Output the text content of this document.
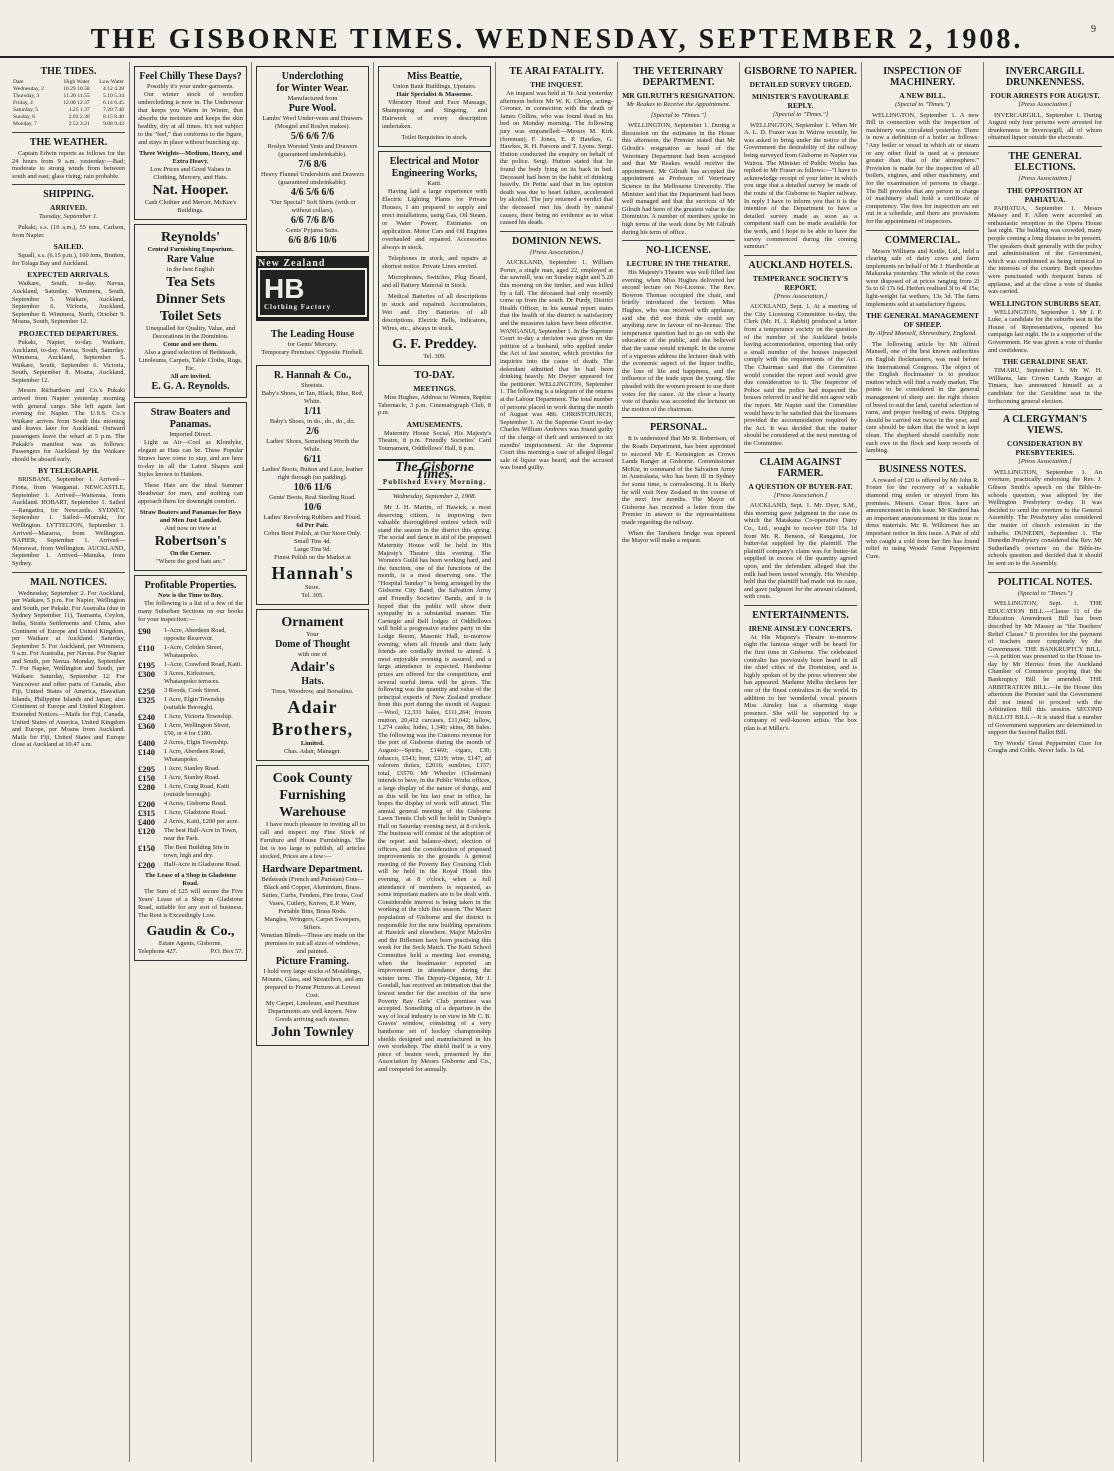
THE GISBORNE TIMES. WEDNESDAY, SEPTEMBER 2, 1908.	9
THE TIDES.
Date	High Water	Low Water
Wednesday, 2	10.29 10.58	4.12 4.38
Thursday, 3	11.26 11.55	5.10 5.34
Friday, 4	12.00 12.37	6.14 6.45
Saturday, 5	1.25 1.37	7.20 7.48
Sunday, 6	2.03 2.30	8.15 8.40
Monday, 7	2.53 3.21	9.08 9.43
THE WEATHER.

Captain Edwin reports as follows for the 24 hours from 9 a.m. yesterday:—Bad; moderate to strong winds from between south and east; glass rising; rain probable.

SHIPPING.
ARRIVED.
Tuesday, September 1.

Pukaki, s.s. (10 a.m.), 55 tons, Carlson, from Napier.

SAILED.

Squall, s.s. (6.15 p.m.), 160 tons, Bratton, for Tolaga Bay and Auckland.

EXPECTED ARRIVALS.

Waikare, South, to-day. Navua, Auckland, Saturday. Wimmera, South, September 5. Waikare, Auckland, September 6. Victoria, Auckland, September 8. Wimmera, North, October 9. Moana, South, September 12.

PROJECTED DEPARTURES.

Pukaki, Napier, to-day. Waikare, Auckland, to-day. Navua, South, Saturday. Wimmera, Auckland, September 5. Waikare, South, September 6. Victoria, South, September 8. Moana, Auckland, September 12.

Messrs Richardson and Co.'s Pukaki arrived from Napier yesterday morning with general cargo. She left again last evening for Napier. The U.S.S. Co.'s Waikare arrives from South this morning and leaves later for Auckland. Outward passengers leave the wharf at 5 p.m. The Pukaki's manifest was as follows: Passengers for Auckland by the Waikare should be aboard early.

BY TELEGRAPH.

BRISBANE, September 1. Arrived—Fiona, from Wanganui. NEWCASTLE, September 1. Arrived—Waiterata, from Auckland. HOBART, September 1. Sailed—Rangatira, for Newcastle. SYDNEY, September 1. Sailed—Moeraki, for Wellington. LYTTELTON, September 1. Arrived—Mararoa, from Wellington. NAPIER, September 1. Arrived—Monowai, from Wellington. AUCKLAND, September 1. Arrived—Manuka, from Sydney.

MAIL NOTICES.

Wednesday, September 2. For Auckland, per Waikare, 5 p.m. For Napier, Wellington and South, per Pukaki. For Australia (due in Sydney September 11), Tasmania, Ceylon, India, Straits Settlements and China, also Continent of Europe and United Kingdom, per Waikare at Auckland. Saturday, September 5. For Auckland, per Wimmera, 9 a.m. For Australia, per Navua. For Napier and South, per Navua. Monday, September 7. For Napier, Wellington and South, per Waikare. Saturday, September 12. For Vancouver and other parts of Canada, also Fiji, United States of America, Hawaiian Islands, Philippine Islands and Japan; also Continent of Europe and United Kingdom. Extended Notices.—Mails for Fiji, Canada, United States of America, United Kingdom and Europe, per Moana from Auckland. Mails for Fiji, United States and Europe close at Auckland at 10.47 a.m.

Feel Chilly These Days?
Possibly it's your under-garments.

Our winter stock of woollen underclothing is now in. The Underwear that keeps you Warm in Winter, that absorbs the moisture and keeps the skin healthy, dry at all times. It's not subject to the "feel," that conforms to the figure, and stays in place without bunching up.

Three Weights—Medium, Heavy, and Extra Heavy.
Low Prices and Good Values in Clothing, Mercery, and Hats.
Nat. Hooper.
Cash Clothier and Mercer, McKee's Buildings.
Reynolds'
Central Furnishing Emporium.
Rare Value
in the best English
Tea Sets
Dinner Sets
Toilet Sets
Unequalled for Quality, Value, and Decorations in the Dominion.
Come and see them.
Also a grand selection of Bedsteads, Linoleums, Carpets, Table Cloths, Rugs, Etc.
All are invited.
E. G. A. Reynolds.
Straw Boaters and Panamas.
Imported Direct.

Light as Air—Cool as Klondyke, elegant as Hats can be. These Popular Straws have come to stay, and are here to-day in all the Latest Shapes and Styles known to Hatdom.

These Hats are the ideal Summer Headwear for men, and nothing can approach them for downright comfort.

Straw Boaters and Panamas for Boys and Men Just Landed.
And now on view at
Robertson's
On the Corner.
"Where the good hats are."
Profitable Properties.
Now is the Time to Buy.

The following is a list of a few of the many Suburban Sections on our books for your inspection:—

£90	1-Acre, Aberdeen Road, opposite Reservoir.
£110	1-Acre, Cobden Street, Whataupoko.
£195	1-Acre, Crawford Road, Kaiti.
£300	3 Acres, Kirkstown, Whataupoko terraces.
£250	3 Roods, Cook Street.
£325	1 Acre, Elgin Township (suitable Borough).
£240	1 Acre, Victoria Township.
£360	1 Acre, Wellington Street, £50, or 4 for £180.
£400	2 Acres, Elgin Township.
£140	1 Acre, Aberdeen Road, Whataupoko.
£295	1 Acre, Stanley Road.
£150	1 Acre, Stanley Road.
£280	1 Acre, Craig Road, Kaiti (outside borough).
£200	4 Acres, Gisborne Road.
£315	1 Acre, Gladstone Road.
£400	2 Acres, Kaiti, £200 per acre.
£120	The best Half-Acre in Town, near the Park.
£150	The Best Building Site in town, high and dry.
£200	Half-Acre in Gladstone Road.
The Lease of a Shop in Gladstone Road.

The Sum of £25 will secure the Five Years' Lease of a Shop in Gladstone Road, suitable for any sort of business. The Rent is Exceedingly Low.

Gaudin & Co.,
Estate Agents, Gisborne.
Telephone 427.	P.O. Box 57.
Underclothing
for Winter Wear.
Manufactured from
Pure Wool.
Lambs' Wool Under-vests and Drawers (Mosgiel and Roslyn makes).
5/6 6/6 7/6
Roslyn Worsted Vests and Drawers (guaranteed unshrinkable).
7/6 8/6
Heavy Flannel Undershirts and Drawers (guaranteed unshrinkable).
4/6 5/6 6/6
"Our Special" Soft Shirts (with or without collars).
6/6 7/6 8/6
Gents' Pyjama Suits.
6/6 8/6 10/6
New Zealand
HB
Clothing Factory
The Leading House
for Gents' Mercery.
Temporary Premises: Opposite Firebell.
R. Hannah & Co.,
Shoeists.
Baby's Shoes, in Tan, Black, Blue, Red, White.
1/11
Baby's Shoes, in do., do., do., do.
2/6
Ladies' Shoes, Something Worth the While.
6/11
Ladies' Boots, Button and Lace, leather right through (no padding).
10/6 11/6
Gents' Boots, Real Steeling Road.
10/6
Ladies' Revolving Rubbers and Fixed.
6d Per Pair.
Cobra Boot Polish, at Our Store Only.
Small Tins 4d.
Large Tins 9d.
Finest Polish on the Market at
Hannah's
Store.
Tel. 305.
Ornament
Your
Dome of Thought
with one of
Adair's
Hats.
Tress, Woodrow, and Borsalino.
Adair Brothers,
Limited.
Chas. Adair, Manager.
Cook County
Furnishing Warehouse

I have much pleasure in inviting all to call and inspect my Fine Stock of Furniture and House Furnishings. The list is too large to publish, all articles stocked, Prices are a few:—

Hardware Department.
Bedsteads (French and Parisian) Cots—Black and Copper, Aluminium, Brass.
Suites, Curbs, Fenders, Fire Irons, Coal Vases, Cutlery, Knives, E.P. Ware, Portable Bins, Brass Rods.
Mangles, Wringers, Carpet Sweepers, Sifters.
Venetian Blinds—These are made on the premises to suit all sizes of windows, and painted.
Picture Framing.
I hold very large stocks of Mouldings, Mounts, Glass, and Streatchers, and am prepared to Frame Pictures at Lowest Cost.
My Carpet, Linoleum, and Furniture Departments are well known. New Goods arriving each steamer.
John Townley
Miss Beattie,
Union Bank Buildings, Upstairs.
Hair Specialist & Masseuse.

Vibratory Hood and Face Massage, Shampooing and Singeing, and Hairwork of every description undertaken.

Toilet Requisites in stock.
Electrical and Motor Engineering Works,
Kaiti.

Having laid a large experience with Electric Lighting Plants for Private Houses, I am prepared to supply and erect installations, using Gas, Oil Steam, or Water Power. Estimates on application. Motor Cars and Oil Engines overhauled and repaired. Accessories always in stock.

Telephones in stock, and repairs at shortest notice. Private Lines erected.

Microphones, Switches, Plug Board, and all Battery Material in Stock.

Medical Batteries of all descriptions in stock and repaired. Accumulators, Wet and Dry Batteries of all descriptions. Electric Bells, Indicators, Wires, etc., always in stock.

G. F. Preddey.
Tel. 309.
TO-DAY.
MEETINGS.

Miss Hughes, Address to Women, Baptist Tabernacle, 3 p.m. Cinematograph Club, 8 p.m.

AMUSEMENTS.

Maternity House Social, His Majesty's Theatre, 8 p.m. Friendly Societies' Card Tournament, Oddfellows' Hall, 8 p.m.

The Gisborne Times.
Published Every Morning.
Wednesday, September 2, 1908.

Mr J. H. Martin, of Hawick, a most deserving citizen, is improving two valuable thoroughbred entires which will stand the season in the district this spring. The social and dance in aid of the proposed Maternity House will be held in His Majesty's Theatre this evening. The Women's Guild has been working hard, and the function, one of the functions of the month, is a most deserving one. The "Hospital Sunday" is being arranged by the Gisborne City Band, the Salvation Army and Friendly Societies' Bands, and it is hoped that the public will show their sympathy in a substantial manner. The Carnegie and Bell lodges of Oddfellows will hold a progressive euchre party in the Lodge Room, Masonic Hall, to-morrow evening, when all friends and their lady friends are cordially invited to attend. A most enjoyable evening is assured, and a large attendance is expected. Handsome prizes are offered for the competition, and several useful items will be given. The following was the quantity and value of the principal exports of New Zealand produce from this port during the month of August:—Wool, 12,331 bales, £111,264; frozen mutton, 20,412 carcases, £11,042; tallow, 1,274 casks; hides, 1,340; skins, 88 bales. The following was the Customs revenue for the port of Gisborne during the month of August:—Spirits, £1460; cigars, £30; tobacco, £541; beer, £219; wine, £147; ad valorem duties, £2016; sundries, £157; total, £5570. Mr Wheeler (Chairman) intends to have, in the Public Works offices, a large display of the nature of things, and as this will be his last year in office, he hopes the display of work will attract. The annual general meeting of the Gisborne Lawn Tennis Club will be held in Dunlop's Hall on Saturday evening next, at 8 o'clock. The business will consist of the adoption of the report and balance-sheet, election of officers, and the consideration of proposed improvements to the grounds. A general meeting of the Poverty Bay Coursing Club will be held in the Royal Hotel this evening, at 8 o'clock, when a full attendance of members is requested, as some important matters are to be dealt with. Considerable interest is being taken in the working of the club this season. The Maori population of Gisborne and the district is responsible for the new building operations at Hawick and elsewhere. Major Malcolm and the Riflemen have been practising this week for the Sock Match. The Kaiti School Committee held a meeting last evening, when the headmaster reported an improvement in attendance during the winter term. The Deputy-Orgnnist, Mr J. Goodall, has received an intimation that the lowest tender for the erection of the new Poverty Bay Girls' Club premises was accepted. Something of a departure in the way of local industry is on view in Mr C. B. Graves' window, consisting of a very handsome set of hockey championship shields designed and manufactured in his own workshop. The shield itself is a very piece of beaten work, presented by the Association by Messrs Gisborne and Co., and competed for annually.

TE ARAI FATALITY.
THE INQUEST.

An inquest was held at Te Arai yesterday afternoon before Mr W. K. Chrisp, acting-Coroner, in connection with the death of James Collins, who was found dead in his bed on Monday morning. The following jury was empanelled:—Messrs M. Kirk (foreman), F. Jones, E. P. Hawkes, G. Hawkes, R. H. Parsons and T. Lyons. Sergt. Hutton conducted the enquiry on behalf of the police. Sergt. Hutton stated that he found the body lying on its back in bed. Deceased had been in the habit of drinking heavily. Dr Pettie said that in his opinion death was due to heart failure, accelerated by alcohol. The jury returned a verdict that the deceased met his death by natural causes, there being no evidence as to what caused his death.

DOMINION NEWS.
[Press Association.]

AUCKLAND, September 1. William Porter, a single man, aged 22, employed at the sawmill, was on Sunday night and 5.20 this morning on the timber, and was killed by a fall. The deceased had only recently come up from the south. Dr Purdy, District Health Officer, in his annual report states that the health of the district is satisfactory and the measures taken have been effective. WANGANUI, September 1. In the Supreme Court to-day a decision was given on the petition of a husband, who applied under the Act of last session, which provides for inquiries into the cause of death. The defendant admitted that he had been drinking heavily. Mr Dwyer appeared for the petitioner. WELLINGTON, September 1. The following is a telegram of the returns at the Labour Department. The total number of persons placed in work during the month of August was 486. CHRISTCHURCH, September 1. At the Supreme Court to-day Charles William Andrews was found guilty of the charge of theft and sentenced to six months' imprisonment. At the Supreme Court this morning a case of alleged illegal sale of liquor was heard, and the accused was found guilty.

THE VETERINARY DEPARTMENT.
MR GILRUTH'S RESIGNATION.
Mr Reakes to Receive the Appointment.
[Special to "Times."]

WELLINGTON, September 1. During a discussion on the estimates in the House this afternoon, the Premier stated that Mr Gilruth's resignation as head of the Veterinary Department had been accepted and that Mr Reakes would receive the appointment. Mr Gilruth has accepted the appointment as Professor of Veterinary Science in the Melbourne University. The Minister said that the Department had been well managed and that the services of Mr Gilruth had been of the greatest value to the Dominion. A number of members spoke in high terms of the work done by Mr Gilruth during his term of office.

NO-LICENSE.
LECTURE IN THE THEATRE.

His Majesty's Theatre was well filled last evening, when Miss Hughes delivered her second lecture on No-License. The Rev. Bowron Thomas occupied the chair, and briefly introduced the lecturer. Miss Hughes, who was received with applause, said she did not think she could say anything new in favour of no-license. The temperance question had to go on with the education of the public, and she believed that the cause would triumph. In the course of a vigorous address the lecturer dealt with the economic aspect of the liquor traffic, the loss of life and happiness, and the influence of the trade upon the young. She pleaded with the women present to use their votes for the cause. At the close a hearty vote of thanks was accorded the lecturer on the motion of the chairman.

PERSONAL.

It is understood that Mr R. Robertson, of the Roads Department, has been appointed to succeed Mr E. Kensington as Crown Lands Ranger at Gisborne. Commissioner McKie, in command of the Salvation Army in Australasia, who has been ill in Sydney for some time, is convalescing. It is likely he will visit New Zealand in the course of the next few months. The Mayor of Gisborne has received a letter from the Premier in answer to the representations made regarding the railway.

When the Taruheru bridge was opened the Mayor will make a request.

GISBORNE TO NAPIER.
DETAILED SURVEY URGED.
MINISTER'S FAVOURABLE REPLY.
[Special to "Times."]

WELLINGTON, September 1. When Mr A. L. D. Fraser was in Wairoa recently, he was asked to bring under the notice of the Government the desirability of the railway being surveyed from Gisborne to Napier via Wairoa. The Minister of Public Works has replied to Mr Fraser as follows:—"I have to acknowledge receipt of your letter in which you urge that a detailed survey be made of the route of the Gisborne to Napier railway. In reply I have to inform you that it is the intention of the Department to have a detailed survey made as soon as a competent staff can be made available for the work, and I hope to be able to have the survey commenced during the coming summer."

AUCKLAND HOTELS.
TEMPERANCE SOCIETY'S REPORT.
[Press Association.]

AUCKLAND, Sept. 1. At a meeting of the City Licensing Committee to-day, the Clerk (Mr. H. J. Rabbit) produced a letter from a temperance society on the question of the number of the Auckland hotels having accommodation, reporting that only a small number of the houses inspected comply with the requirements of the Act. The Chairman said that the Committee would consider the report and would give due consideration to it. The Inspector of Police said the police had inspected the houses referred to and he did not agree with the report. Mr Napier said the Committee would have to be satisfied that the licensees provided the accommodation required by the Act. It was decided that the matter should be considered at the next meeting of the Committee.

CLAIM AGAINST FARMER.
A QUESTION OF BUYER-FAT.
[Press Association.]

AUCKLAND, Sept. 1. Mr. Dyer, S.M., this morning gave judgment in the case in which the Matakana Co-operative Dairy Co., Ltd., sought to recover £60 15s 1d from Mr. R. Benson, of Ranganui, for butter-fat supplied by the plaintiff. The plaintiff company's claim was for butter-fat supplied in excess of the quantity agreed upon, and the defendant alleged that the milk had been tested wrongly. His Worship held that the plaintiff had made out its case, and gave judgment for the amount claimed, with costs.

ENTERTAINMENTS.
IRENE AINSLEY CONCERTS.

At His Majesty's Theatre to-morrow night the famous singer will be heard for the first time in Gisborne. The celebrated contralto has previously been heard in all the chief cities of the Dominion, and is highly spoken of by the press wherever she has appeared. Madame Melba declares her one of the finest contraltos in the world. In addition to her wonderful vocal powers Miss Ainsley has a charming stage presence. She will be supported by a company of well-known artists. The box plan is at Miller's.

INSPECTION OF MACHINERY.
A NEW BILL.
(Special to "Times.")

WELLINGTON, September 1. A new Bill in connection with the inspection of machinery was circulated yesterday. There is now a definition of a boiler as follows: "Any boiler or vessel in which air or steam or any other fluid is used at a pressure greater than that of the atmosphere." Provision is made for the inspection of all boilers, engines, and other machinery, and for the examination of persons in charge. The Bill provides that any person in charge of machinery shall hold a certificate of competency. The fees for inspection are set out in a schedule, and there are provisions for the appointment of inspectors.

COMMERCIAL.

Messrs Williams and Kettle, Ltd., held a clearing sale of dairy cows and farm implements on behalf of Mr J. Hardbottle at Makaraka yesterday. The whole of the cows were disposed of at prices ranging from 2l 5s to 6l 17s 6d. Heifers realised 3l to 4l 15s; light-weight fat wethers, 13s 3d. The farm implements sold at satisfactory figures.

THE GENERAL MANAGEMENT OF SHEEP.
By Alfred Mansell, Shrewsbury, England.

The following article by Mr Alfred Mansell, one of the best known authorities on English flockmasters, was read before the International Congress. The object of the English flockmaster is to produce mutton which will find a ready market. The points to be considered in the general management of sheep are: the right choice of breed to suit the land, careful selection of rams, and proper feeding of ewes. Dipping should be carried out twice in the year, and care should be taken that the wool is kept clean. The shepherd should carefully note each ewe in the flock and keep records of lambing.

BUSINESS NOTES.

A reward of £20 is offered by Mr John R. Foster for the recovery of a valuable diamond ring stolen or strayed from his premises. Messrs. Cesar Bros. have an announcement in this issue. Mr Kindred has an important announcement in this issue re dress materials. Mr. R. Wilkinson has an important notice in this issue. A Pair of old who caught a cold from her fire has found relief in using Woods' Great Peppermint Cure.

INVERCARGILL DRUNKENNESS.
FOUR ARRESTS FOR AUGUST.
[Press Association.]

INVERCARGILL, September 1. During August only four persons were arrested for drunkenness in Invercargill, all of whom obtained liquor outside the electorate.

THE GENERAL ELECTIONS.
[Press Association.]
THE OPPOSITION AT PAHIATUA.

PAHIATUA, September 1. Messrs Massey and F. Allen were accorded an enthusiastic reception in the Opera House last night. The building was crowded, many people coming a long distance to be present. The speakers dealt generally with the policy and administration of the Government, which was condemned as being inimical to the interests of the country. Both speeches were punctuated with frequent bursts of applause, and at the close a vote of thanks was carried.

WELLINGTON SUBURBS SEAT.

WELLINGTON, September 1. Mr J. P. Luke, a candidate for the suburbs seat in the House of Representatives, opened his campaign last night. He is a supporter of the Government. He was given a vote of thanks and confidence.

THE GERALDINE SEAT.

TIMARU, September 1. Mr W. H. Williams, late Crown Lands Ranger at Timaru, has announced himself as a candidate for the Geraldine seat in the forthcoming general election.

A CLERGYMAN'S VIEWS.
CONSIDERATION BY PRESBYTERIES.
[Press Association.]

WELLINGTON, September 1. An overture, practically endorsing the Rev. J. Gibson Smith's speech on the Bible-in-schools question, was adopted by the Wellington Presbytery to-day. It was decided to send the overture to the General Assembly. The Presbytery also considered the matter of church extension in the suburbs. DUNEDIN, September 1. The Dunedin Presbytery considered the Rev. Mr Sutherland's overture on the Bible-in-schools question and decided that it should be sent on to the Assembly.

POLITICAL NOTES.
(Special to "Times.")

WELLINGTON, Sept. 1. THE EDUCATION BILL.—Clause 11 of the Education Amendment Bill has been described by Mr Massey as "the Teachers' Relief Clause." It provides for the payment of teachers more completely by the Government. THE BANKRUPTCY BILL.—A petition was presented to the House to-day by Mr Herries from the Auckland Chamber of Commerce praying that the Bankruptcy Bill be amended. THE ARBITRATION BILL.—In the House this afternoon the Premier said the Government did not intend to proceed with the Arbitration Bill this session. SECOND BALLOT BILL.—It is stated that a number of Government supporters are determined to support the Second Ballot Bill.

Try Woods' Great Peppermint Cure for Coughs and Colds. Never fails. 1s 6d.
